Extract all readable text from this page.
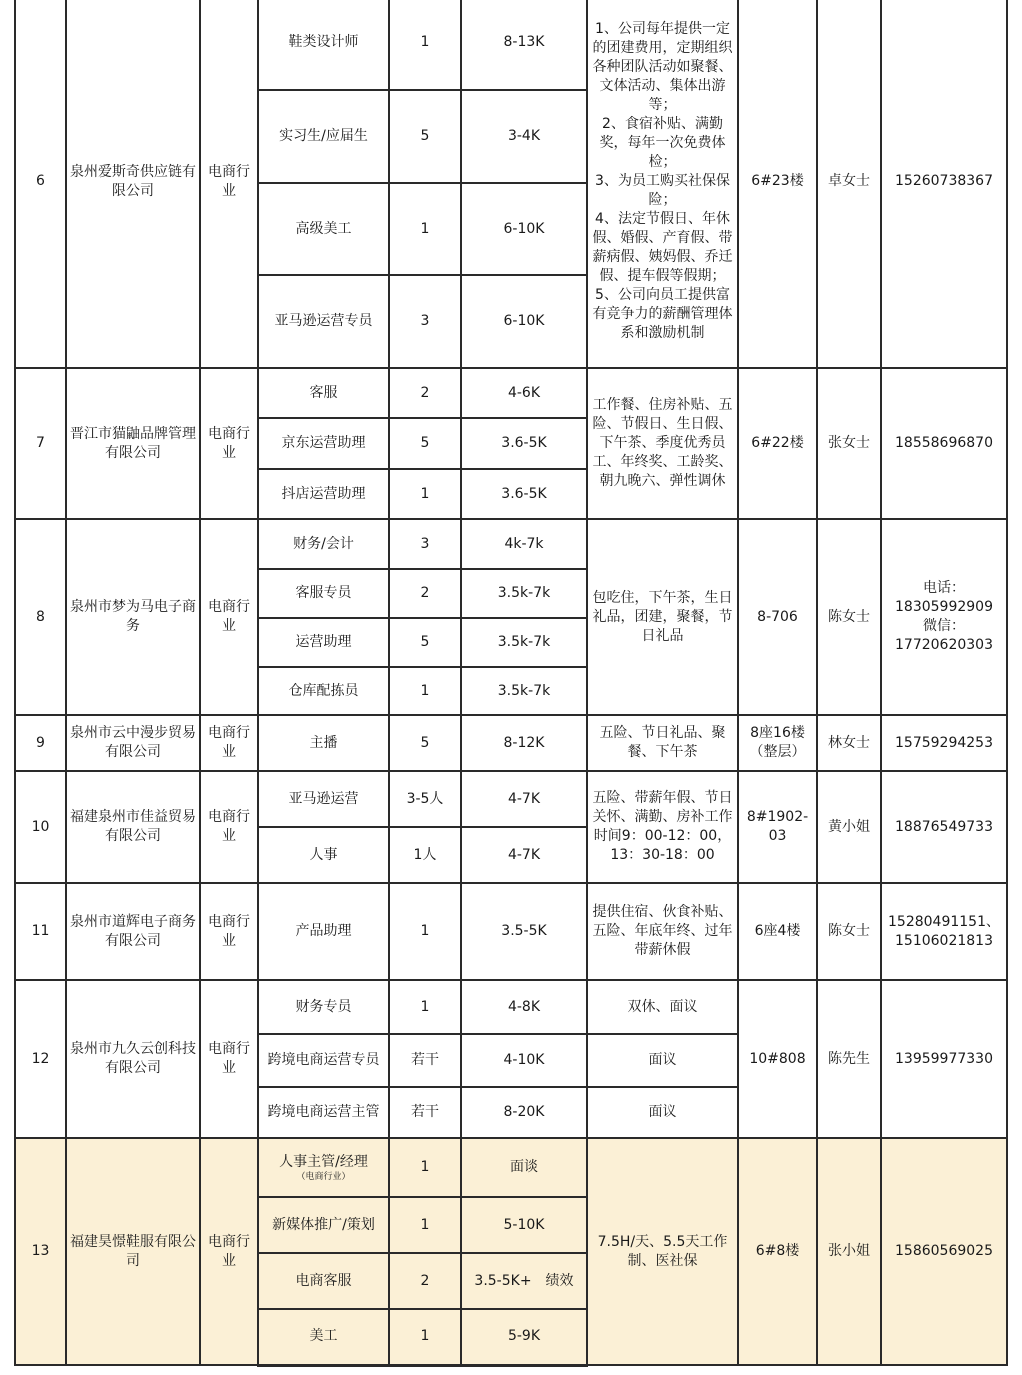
6	泉州爱斯奇供应链有限公司	电商行业	鞋类设计师	1	8-13K	1、公司每年提供一定的团建费用，定期组织各种团队活动如聚餐、文体活动、集体出游等；
2、食宿补贴、满勤奖，每年一次免费体检；
3、为员工购买社保保险；
4、法定节假日、年休假、婚假、产育假、带薪病假、姨妈假、乔迁假、提车假等假期；
5、公司向员工提供富有竞争力的薪酬管理体系和激励机制	6#23楼	卓女士	15260738367
			实习生/应届生	5	3-4K				
			高级美工	1	6-10K				
			亚马逊运营专员	3	6-10K				
7	晋江市猫鼬品牌管理有限公司	电商行业	客服	2	4-6K	工作餐、住房补贴、五险、节假日、生日假、下午茶、季度优秀员工、年终奖、工龄奖、朝九晚六、弹性调休	6#22楼	张女士	18558696870
			京东运营助理	5	3.6-5K				
			抖店运营助理	1	3.6-5K				
8	泉州市梦为马电子商务	电商行业	财务/会计	3	4k-7k	包吃住，下午茶，生日礼品，团建，聚餐，节日礼品	8-706	陈女士	电话：
18305992909
微信：
17720620303
			客服专员	2	3.5k-7k				
			运营助理	5	3.5k-7k				
			仓库配拣员	1	3.5k-7k				
9	泉州市云中漫步贸易有限公司	电商行业	主播	5	8-12K	五险、节日礼品、聚餐、下午茶	8座16楼（整层）	林女士	15759294253
10	福建泉州市佳益贸易有限公司	电商行业	亚马逊运营	3-5人	4-7K	五险、带薪年假、节日关怀、满勤、房补工作时间9：00-12：00，13：30-18：00	8#1902-03	黄小姐	18876549733
			人事	1人	4-7K				
11	泉州市道辉电子商务有限公司	电商行业	产品助理	1	3.5-5K	提供住宿、伙食补贴、五险、年底年终、过年带薪休假	6座4楼	陈女士	15280491151、15106021813
12	泉州市九久云创科技有限公司	电商行业	财务专员	1	4-8K	双休、面议	10#808	陈先生	13959977330
			跨境电商运营专员	若干	4-10K	面议			
			跨境电商运营主管	若干	8-20K	面议			
13	福建昊憬鞋服有限公司	电商行业	人事主管/经理
（电商行业）	1	面谈	7.5H/天、5.5天工作制、医社保	6#8楼	张小姐	15860569025
			新媒体推广/策划	1	5-10K				
			电商客服	2	3.5-5K+　绩效				
			美工	1	5-9K				
